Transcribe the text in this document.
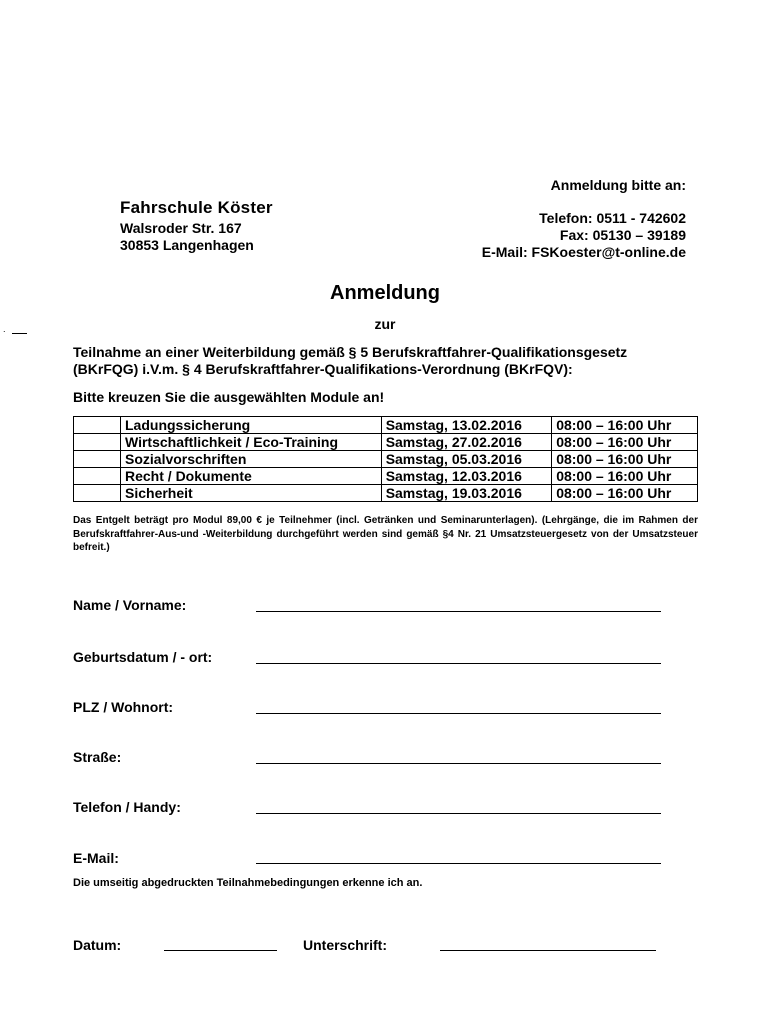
.
Anmeldung bitte an:
Telefon: 0511 - 742602
Fax: 05130 – 39189
E-Mail: FSKoester@t-online.de
Fahrschule Köster
Walsroder Str. 167
30853 Langenhagen
Anmeldung
zur
Teilnahme an einer Weiterbildung gemäß § 5 Berufskraftfahrer-Qualifikationsgesetz
(BKrFQG) i.V.m. § 4 Berufskraftfahrer-Qualifikations-Verordnung (BKrFQV):
Bitte kreuzen Sie die ausgewählten Module an!
	Ladungssicherung	Samstag, 13.02.2016	08:00 – 16:00 Uhr
	Wirtschaftlichkeit / Eco-Training	Samstag, 27.02.2016	08:00 – 16:00 Uhr
	Sozialvorschriften	Samstag, 05.03.2016	08:00 – 16:00 Uhr
	Recht / Dokumente	Samstag, 12.03.2016	08:00 – 16:00 Uhr
	Sicherheit	Samstag, 19.03.2016	08:00 – 16:00 Uhr
Das Entgelt beträgt pro Modul 89,00 € je Teilnehmer (incl. Getränken und Seminarunterlagen). (Lehrgänge, die im Rahmen der Berufskraftfahrer-Aus-und -Weiterbildung durchgeführt werden sind gemäß §4 Nr. 21 Umsatzsteuergesetz von der Umsatzsteuer befreit.)
Name / Vorname:
Geburtsdatum / - ort:
PLZ / Wohnort:
Straße:
Telefon / Handy:
E-Mail:
Die umseitig abgedruckten Teilnahmebedingungen erkenne ich an.
Datum:	Unterschrift:
